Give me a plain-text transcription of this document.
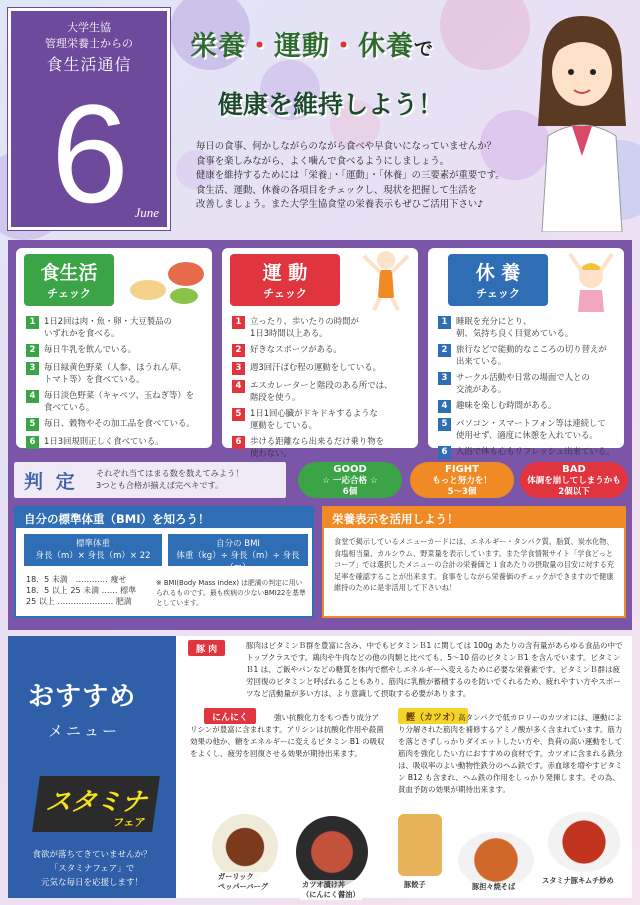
大学生協
管理栄養士からの
食生活通信
6 June
栄養・運動・休養で
健康を維持しよう！
毎日の食事、何かしながらのながら食べや早食いになっていませんか？
食事を楽しみながら、よく噛んで食べるようにしましょう。
健康を維持するためには「栄養」・「運動」・「休養」の三要素が重要です。
食生活、運動、休養の各項目をチェックし、現状を把握して生活を
改善しましょう。また大学生協食堂の栄養表示もぜひご活用下さい♪
食生活
チェック
1	1日2回は肉・魚・卵・大豆製品の
いずれかを食べる。
2	毎日牛乳を飲んでいる。
3	毎日緑黄色野菜（人参、ほうれん草、
トマト等）を食べている。
4	毎日淡色野菜（キャベツ、玉ねぎ等）を
食べている。
5	毎日、穀物やその加工品を食べている。
6	1日3回規則正しく食べている。
運 動
チェック
1	立ったり、歩いたりの時間が
1日3時間以上ある。
2	好きなスポーツがある。
3	週3回汗ばむ程の運動をしている。
4	エスカレーターと階段のある所では、
階段を使う。
5	1日1回心臓がドキドキするような
運動をしている。
6	歩ける距離なら出来るだけ乗り物を
使わない。
休 養
チェック
1	睡眠を充分にとり、
朝、気持ち良く目覚めている。
2	旅行などで能動的なこころの切り替えが
出来ている。
3	サークル活動や日常の場面で人との
交流がある。
4	趣味を楽しむ時間がある。
5	パソコン・スマートフォン等は連続して
使用せず、適度に休憩を入れている。
6	入浴で体も心もリフレッシュ出来ている。
判 定 それぞれ当てはまる数を数えてみよう！
3つとも合格が揃えば完ペキです。
GOOD
☆ 一応合格 ☆
6個
FIGHT
もっと努力を！
5～3個
BAD
体調を崩してしまうかも
2個以下
自分の標準体重（BMI）を知ろう！
標準体重
身長（m）× 身長（m）× 22
自分の BMI
体重（kg）÷ 身長（m）÷ 身長（m）
18．5 未満　………… 痩せ
18．5 以上 25 未満 …… 標準
25 以上 ………………… 肥満
※ BMI(Body Mass Index) は肥満の判定に用いられるものです。最も疾病の少ないBMI22を基準としています。
栄養表示を活用しよう！
食堂で掲示しているメニューカードには、エネルギー・タンパク質、脂質、炭水化物、食塩相当量、カルシウム、野菜量を表示しています。また学食情報サイト「学食どっとコープ」では選択したメニューの合計の栄養価と１食あたりの摂取量の目安に対する充足率を確認することが出来ます。食事をしながら栄養価のチェックができますので健康維持のために是非活用して下さいね！
おすすめ
メニュー
スタミナ
フェア
食欲が落ちてきていませんか？
「スタミナフェア」で
元気な毎日を応援します！
豚 肉	豚肉はビタミンＢ群を豊富に含み、中でもビタミンＢ1 に関しては 100g あたりの含有量があらゆる食品の中でトップクラスです。鶏肉や牛肉などの他の肉類と比べても、5～10 倍のビタミンＢ1 を含んでいます。ビタミンＢ1 は、ご飯やパンなどの糖質を体内で燃やしエネルギーへ変えるために必要な栄養素です。ビタミンＢ群は疲労回復のビタミンと呼ばれることもあり、筋肉に乳酸が蓄積するのを防いでくれるため、疲れやすい方やスポーツなど活動量が多い方は、より意識して摂取する必要があります。
にんにく	強い抗酸化力をもつ香り成分アリシンが豊富に含まれます。アリシンは抗酸化作用や殺菌効果の他か、糖をエネルギーに変えるビタミン B1 の吸収をよくし、疲労を回復させる効果が期待出来ます。
鰹（カツオ）
高タンパクで低カロリーのカツオには、運動により分解された筋肉を補修するアミノ酸が多く含まれています。筋力を落とさずしっかりダイエットしたい方や、負荷の高い運動をして筋肉を強化したい方におすすめの食材です。カツオに含まれる鉄分は、吸収率のよい動物性鉄分のヘム鉄です。赤血球を増やすビタミン B12 も含まれ、ヘム鉄の作用をしっかり発揮します。その為、貧血予防の効果が期待出来ます。
ガーリック
ペッパーバーグ	カツオ漬け丼
（にんにく醤油）
豚餃子	豚担々焼そば
スタミナ豚キムチ炒め
